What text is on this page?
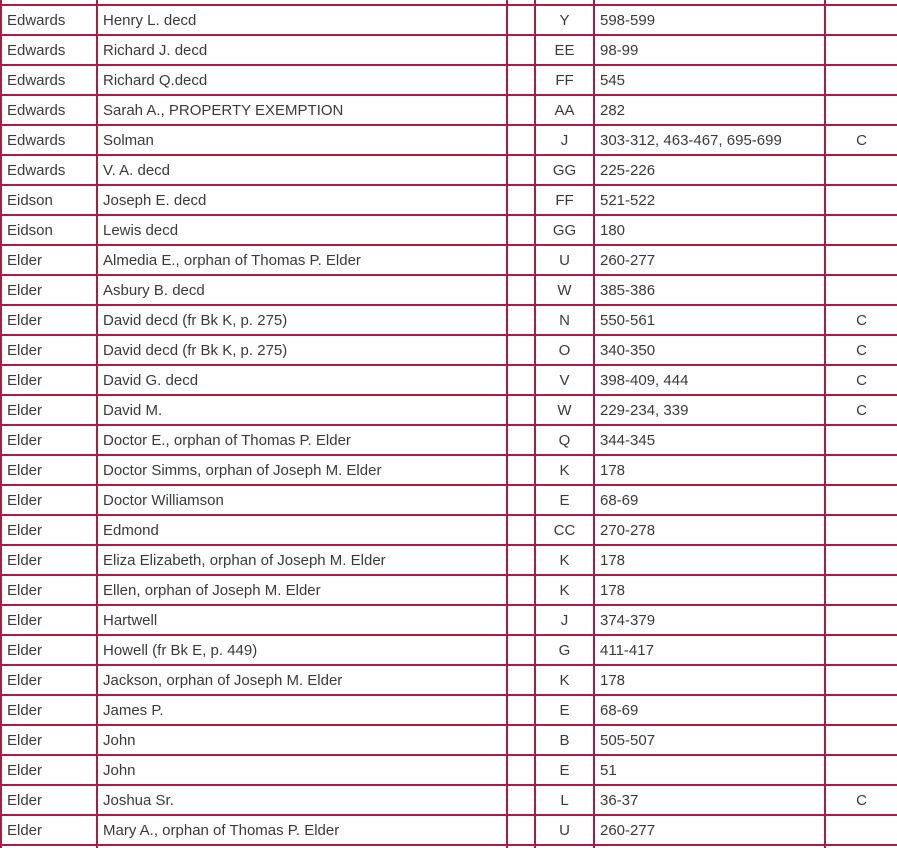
Edwards	Henry L. decd		Y	598-599	
Edwards	Richard J. decd		EE	98-99	
Edwards	Richard Q.decd		FF	545	
Edwards	Sarah A., PROPERTY EXEMPTION		AA	282	
Edwards	Solman		J	303-312, 463-467, 695-699	C
Edwards	V. A. decd		GG	225-226	
Eidson	Joseph E. decd		FF	521-522	
Eidson	Lewis decd		GG	180	
Elder	Almedia E., orphan of Thomas P. Elder		U	260-277	
Elder	Asbury B. decd		W	385-386	
Elder	David decd (fr Bk K, p. 275)		N	550-561	C
Elder	David decd (fr Bk K, p. 275)		O	340-350	C
Elder	David G. decd		V	398-409, 444	C
Elder	David M.		W	229-234, 339	C
Elder	Doctor E., orphan of Thomas P. Elder		Q	344-345	
Elder	Doctor Simms, orphan of Joseph M. Elder		K	178	
Elder	Doctor Williamson		E	68-69	
Elder	Edmond		CC	270-278	
Elder	Eliza Elizabeth, orphan of Joseph M. Elder		K	178	
Elder	Ellen, orphan of Joseph M. Elder		K	178	
Elder	Hartwell		J	374-379	
Elder	Howell (fr Bk E, p. 449)		G	411-417	
Elder	Jackson, orphan of Joseph M. Elder		K	178	
Elder	James P.		E	68-69	
Elder	John		B	505-507	
Elder	John		E	51	
Elder	Joshua Sr.		L	36-37	C
Elder	Mary A., orphan of Thomas P. Elder		U	260-277	
